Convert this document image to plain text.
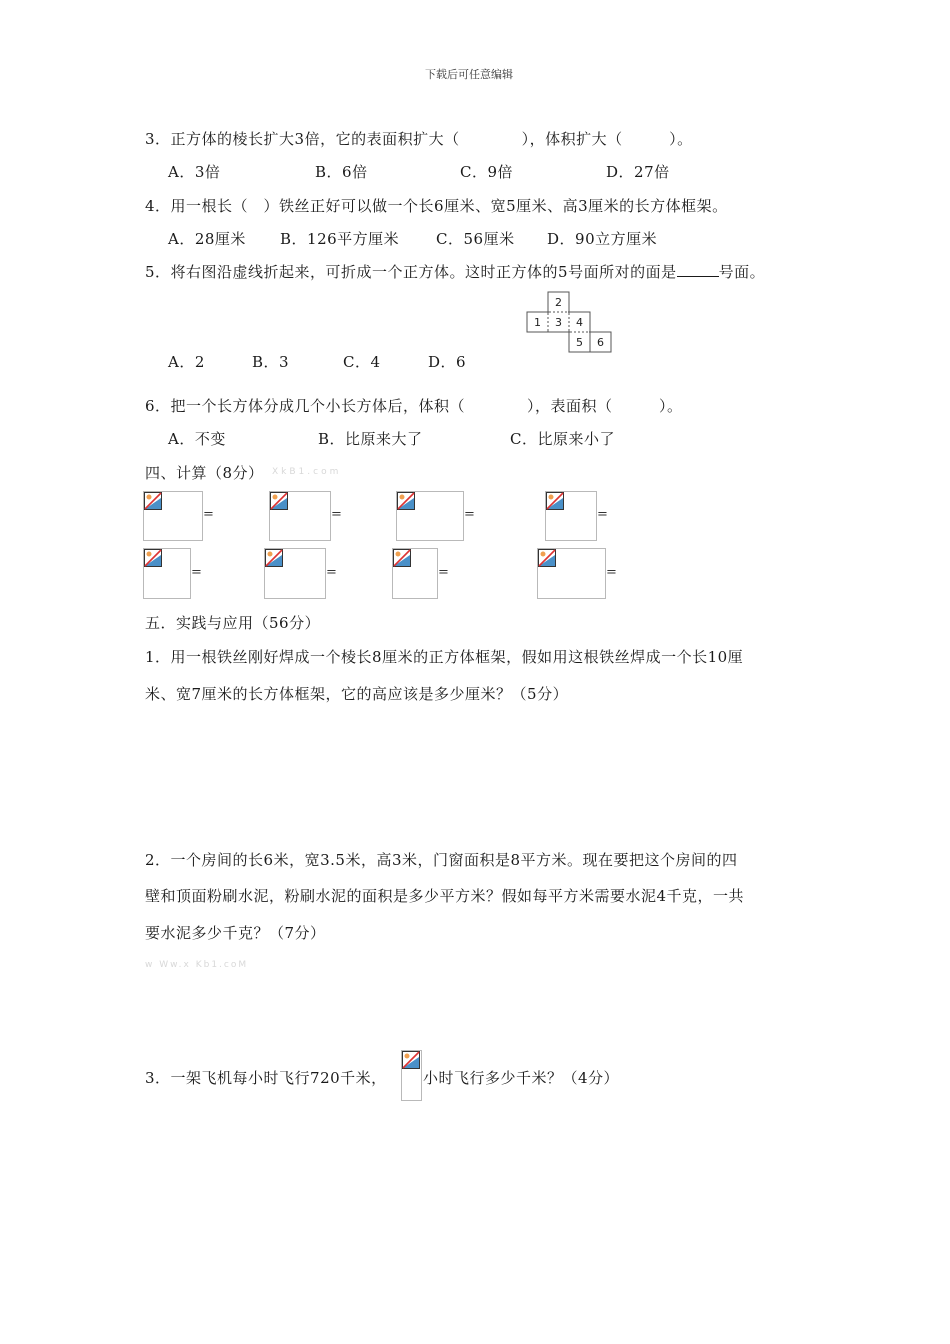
下载后可任意编辑
3．正方体的棱长扩大3倍，它的表面积扩大（　　　　），体积扩大（　　　）。
A．3倍	B．6倍	C．9倍	D．27倍
4．用一根长（　）铁丝正好可以做一个长6厘米、宽5厘米、高3厘米的长方体框架。
A．28厘米 B．126平方厘米 C．56厘米 D．90立方厘米
5．将右图沿虚线折起来，可折成一个正方体。这时正方体的5号面所对的面是	号面。
2
1 3 4
5 6
A．2	B．3	C．4	D．6
6．把一个长方体分成几个小长方体后，体积（　　　　），表面积（　　　）。
A．不变	B．比原来大了	C．比原来小了
四、计算（8分） XkB1.com
=	=	=	=
=	=	=	=
五．实践与应用（56分）
1．用一根铁丝刚好焊成一个棱长8厘米的正方体框架，假如用这根铁丝焊成一个长10厘
米、宽7厘米的长方体框架，它的高应该是多少厘米？（5分）
2．一个房间的长6米，宽3.5米，高3米，门窗面积是8平方米。现在要把这个房间的四
壁和顶面粉刷水泥，粉刷水泥的面积是多少平方米？假如每平方米需要水泥4千克，一共
要水泥多少千克？（7分）
w Ww.x Kb1.coM
3．一架飞机每小时飞行720千米， 小时飞行多少千米？（4分）
